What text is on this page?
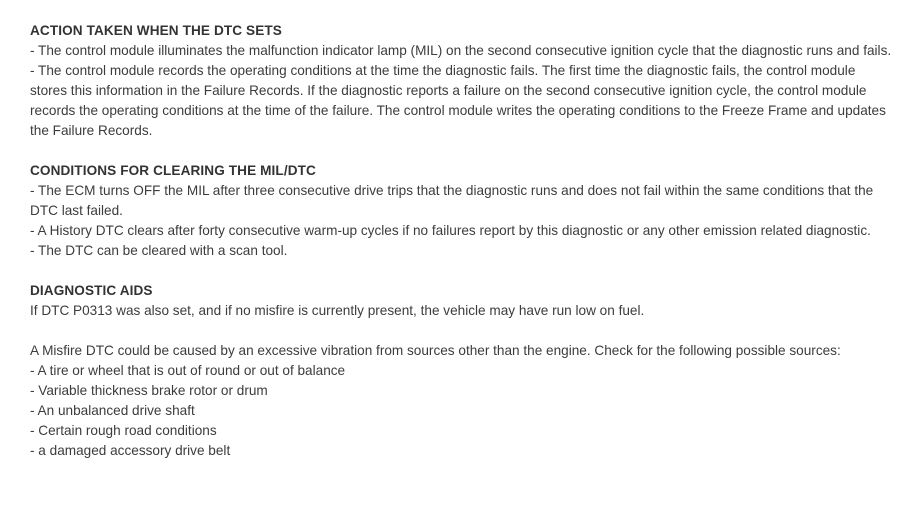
ACTION TAKEN WHEN THE DTC SETS
- The control module illuminates the malfunction indicator lamp (MIL) on the second consecutive ignition cycle that the diagnostic runs and fails.
- The control module records the operating conditions at the time the diagnostic fails. The first time the diagnostic fails, the control module stores this information in the Failure Records. If the diagnostic reports a failure on the second consecutive ignition cycle, the control module records the operating conditions at the time of the failure. The control module writes the operating conditions to the Freeze Frame and updates the Failure Records.
CONDITIONS FOR CLEARING THE MIL/DTC
- The ECM turns OFF the MIL after three consecutive drive trips that the diagnostic runs and does not fail within the same conditions that the DTC last failed.
- A History DTC clears after forty consecutive warm-up cycles if no failures report by this diagnostic or any other emission related diagnostic.
- The DTC can be cleared with a scan tool.
DIAGNOSTIC AIDS
If DTC P0313 was also set, and if no misfire is currently present, the vehicle may have run low on fuel.
A Misfire DTC could be caused by an excessive vibration from sources other than the engine. Check for the following possible sources:
- A tire or wheel that is out of round or out of balance
- Variable thickness brake rotor or drum
- An unbalanced drive shaft
- Certain rough road conditions
- a damaged accessory drive belt
